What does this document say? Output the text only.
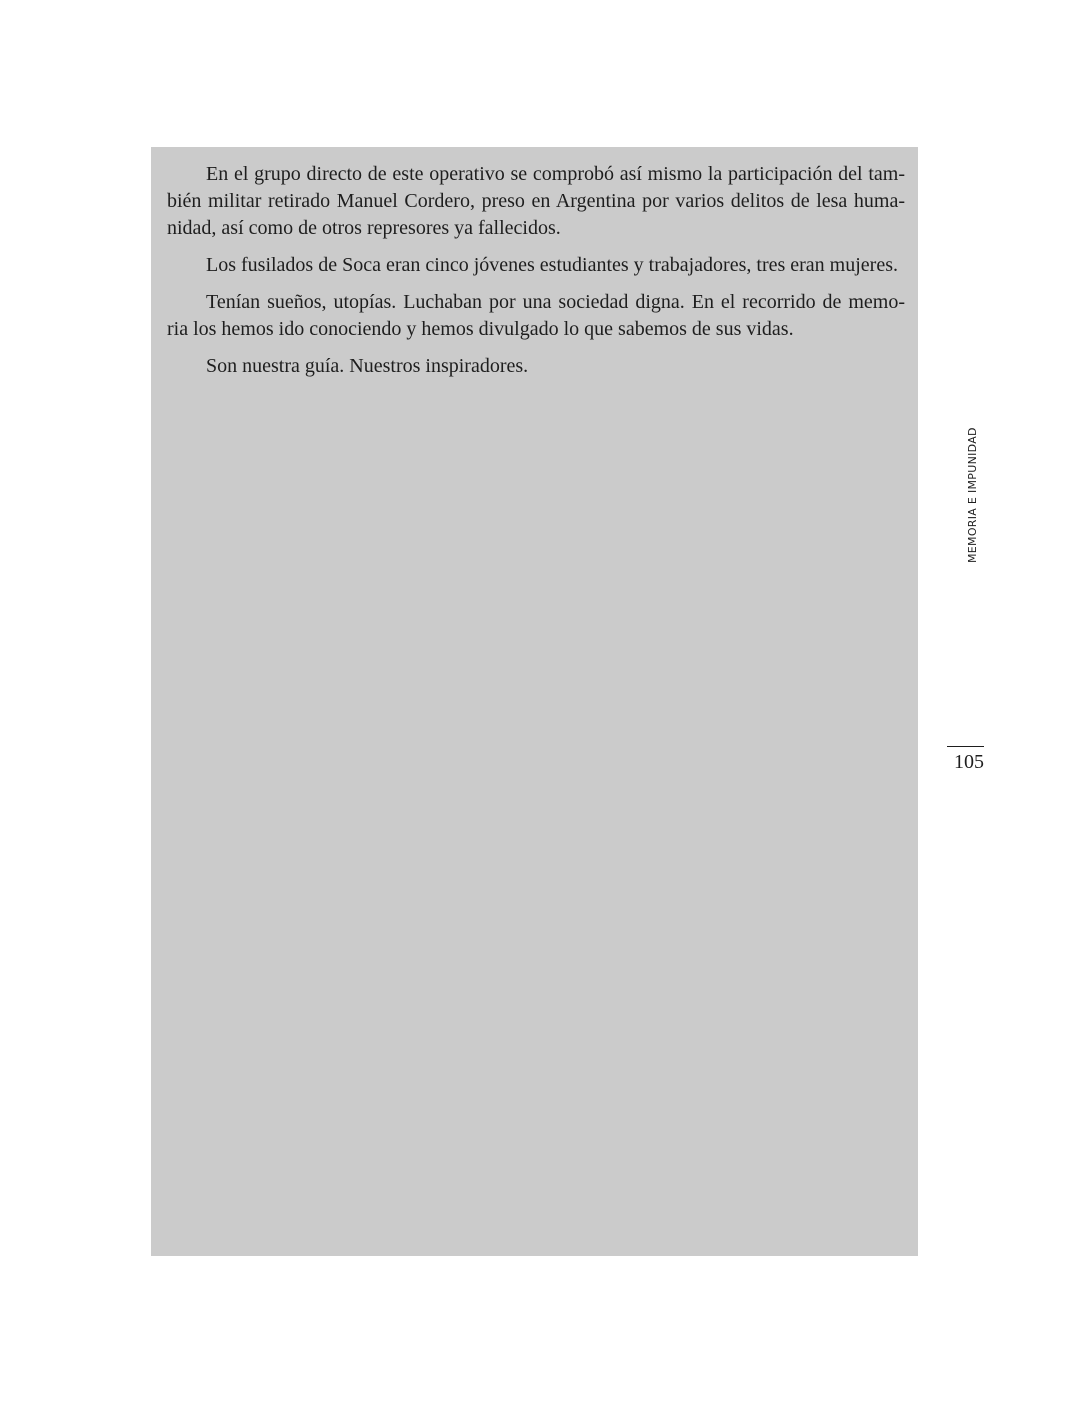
En el grupo directo de este operativo se comprobó así mismo la participación del tam-
bién militar retirado Manuel Cordero, preso en Argentina por varios delitos de lesa huma-
nidad, así como de otros represores ya fallecidos.

Los fusilados de Soca eran cinco jóvenes estudiantes y trabajadores, tres eran mujeres.

Tenían sueños, utopías. Luchaban por una sociedad digna. En el recorrido de memo-
ria los hemos ido conociendo y hemos divulgado lo que sabemos de sus vidas.

Son nuestra guía. Nuestros inspiradores.

MEMORIA E IMPUNIDAD
105
